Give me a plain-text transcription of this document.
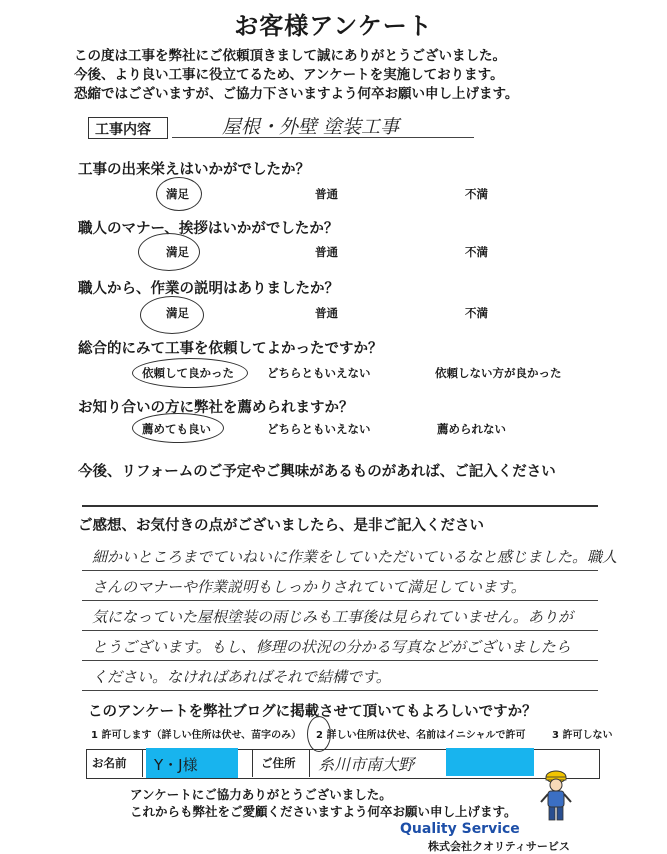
お客様アンケート
この度は工事を弊社にご依頼頂きまして誠にありがとうございました。
今後、より良い工事に役立てるため、アンケートを実施しております。
恐縮ではございますが、ご協力下さいますよう何卒お願い申し上げます。
工事内容	屋根・外壁 塗装工事
工事の出来栄えはいかがでしたか？
満足	普通	不満
職人のマナー、挨拶はいかがでしたか？
満足	普通	不満
職人から、作業の説明はありましたか？
満足	普通	不満
総合的にみて工事を依頼してよかったですか？
依頼して良かった	どちらともいえない	依頼しない方が良かった
お知り合いの方に弊社を薦められますか？
薦めても良い	どちらともいえない	薦められない
今後、リフォームのご予定やご興味があるものがあれば、ご記入ください
ご感想、お気付きの点がございましたら、是非ご記入ください
細かいところまでていねいに作業をしていただいているなと感じました。職人
さんのマナーや作業説明もしっかりされていて満足しています。
気になっていた屋根塗装の雨じみも工事後は見られていません。ありが
とうございます。もし、修理の状況の分かる写真などがございましたら
ください。なければあればそれで結構です。
このアンケートを弊社ブログに掲載させて頂いてもよろしいですか？
1 許可します（詳しい住所は伏せ、苗字のみ） 2 詳しい住所は伏せ、名前はイニシャルで許可	3 許可しない
お名前 Y・J様	ご住所 糸川市南大野
アンケートにご協力ありがとうございました。
これからも弊社をご愛顧くださいますよう何卒お願い申し上げます。
Quality Service
株式会社クオリティサービス
